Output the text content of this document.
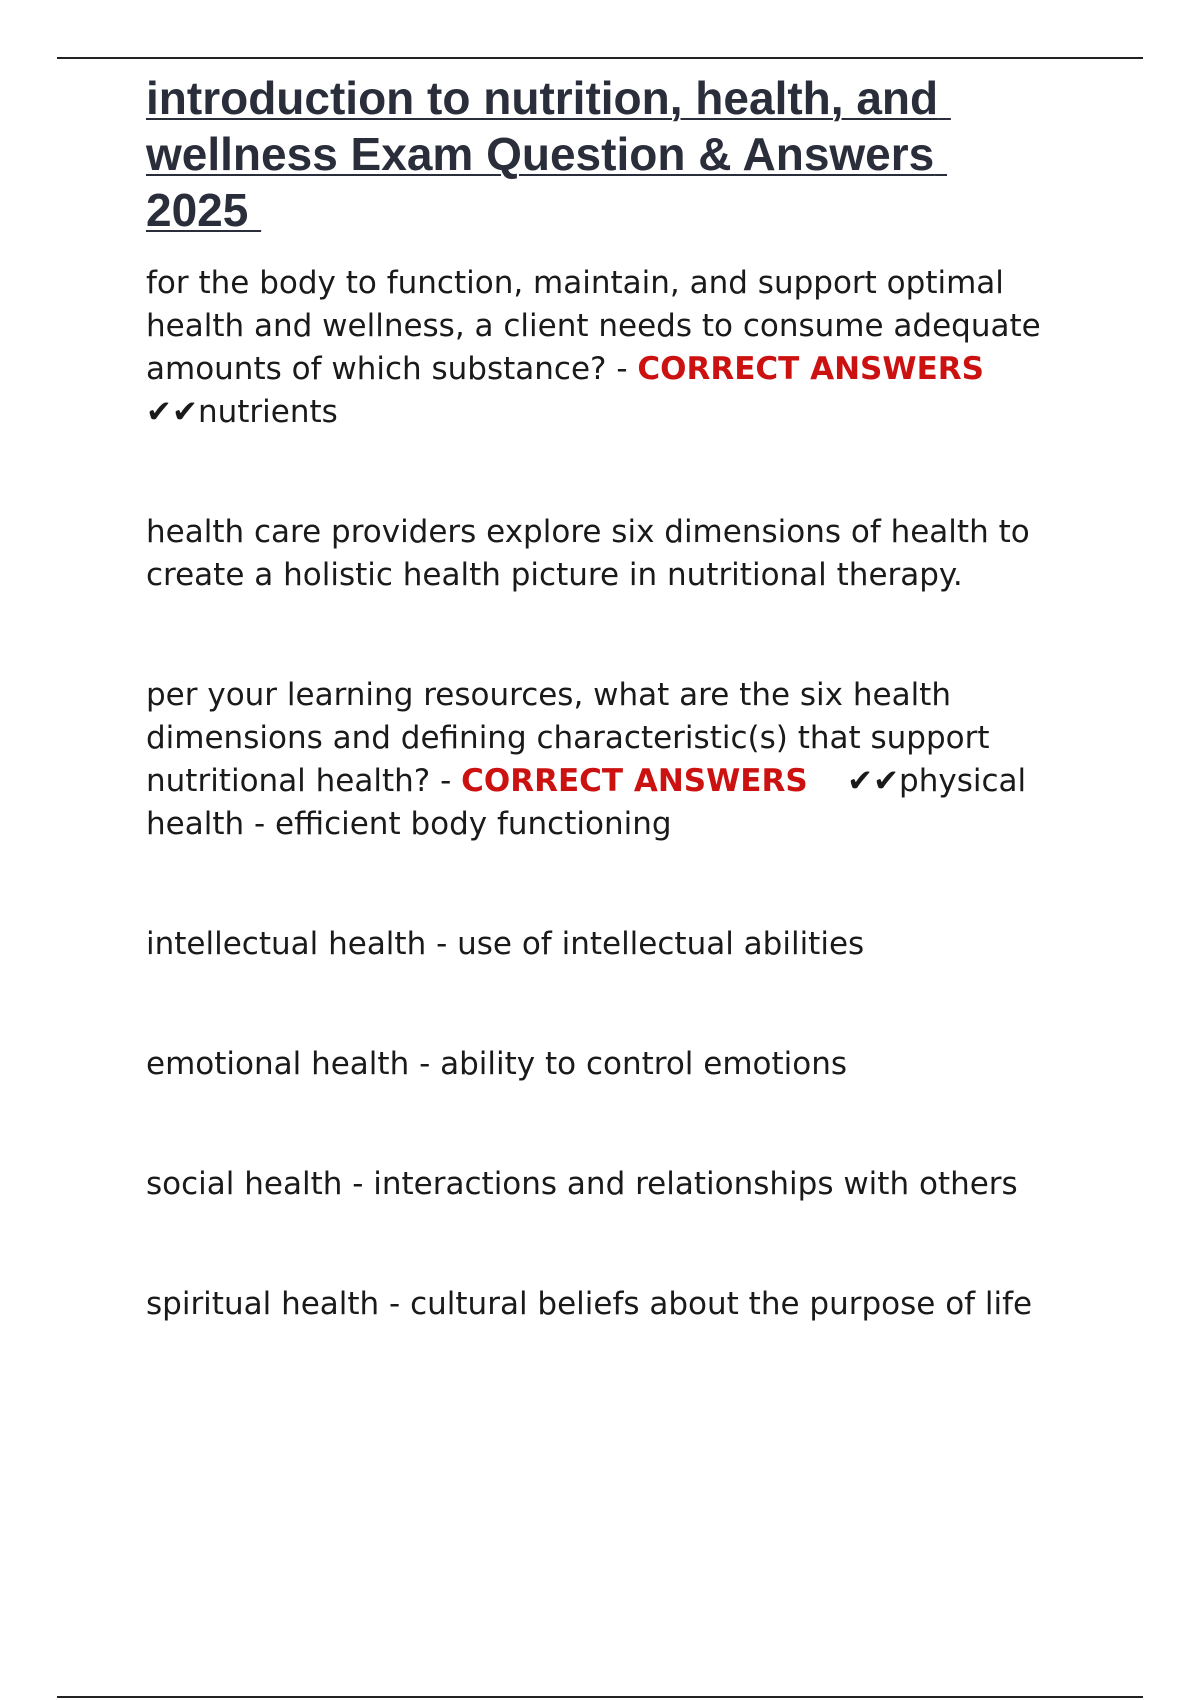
introduction to nutrition, health, and wellness Exam Question & Answers 2025

for the body to function, maintain, and support optimal health and wellness, a client needs to consume adequate amounts of which substance? - CORRECT ANSWERS
✔✔nutrients

health care providers explore six dimensions of health to create a holistic health picture in nutritional therapy.

per your learning resources, what are the six health dimensions and defining characteristic(s) that support nutritional health? - CORRECT ANSWERS ✔✔physical health - efficient body functioning

intellectual health - use of intellectual abilities

emotional health - ability to control emotions

social health - interactions and relationships with others

spiritual health - cultural beliefs about the purpose of life
